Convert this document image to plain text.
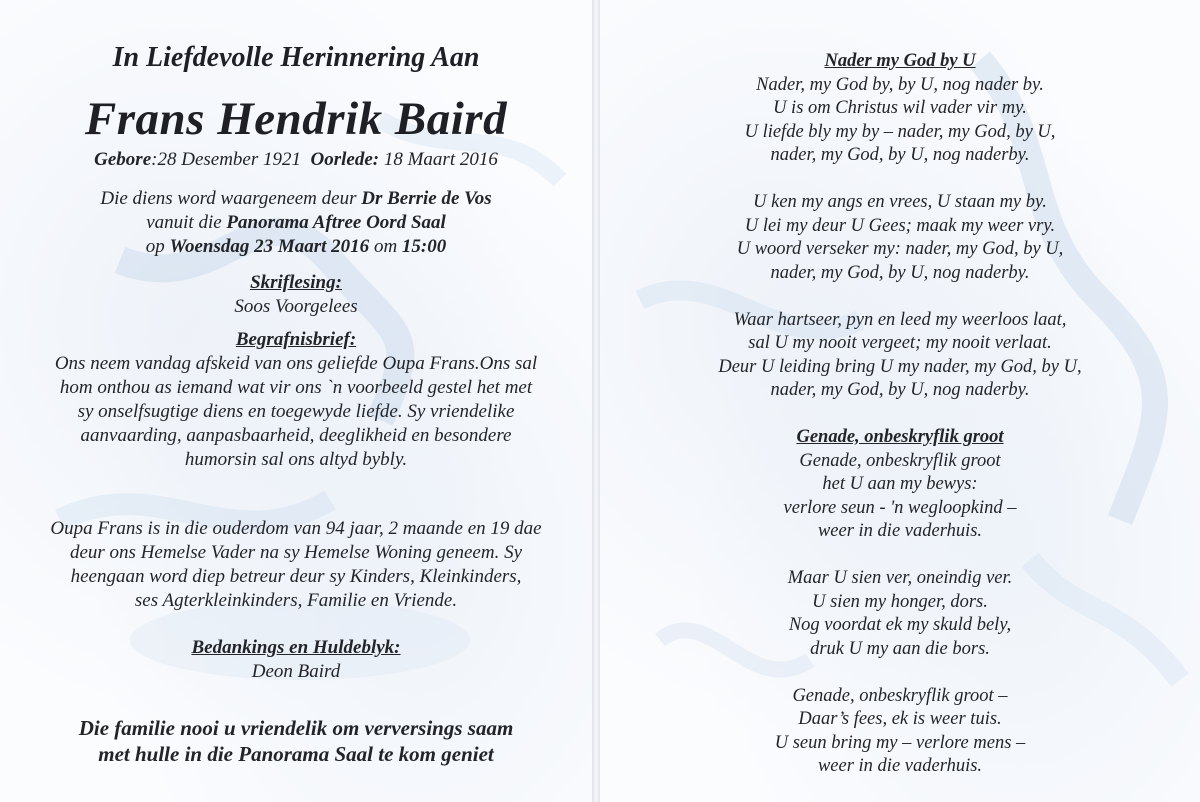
In Liefdevolle Herinnering Aan
Frans Hendrik Baird
Gebore:28 Desember 1921 Oorlede: 18 Maart 2016
Die diens word waargeneem deur Dr Berrie de Vos
vanuit die Panorama Aftree Oord Saal
op Woensdag 23 Maart 2016 om 15:00
Skriflesing:
Soos Voorgelees
Begrafnisbrief:
Ons neem vandag afskeid van ons geliefde Oupa Frans.Ons sal
hom onthou as iemand wat vir ons `n voorbeeld gestel het met
sy onselfsugtige diens en toegewyde liefde. Sy vriendelike
aanvaarding, aanpasbaarheid, deeglikheid en besondere
humorsin sal ons altyd bybly.
Oupa Frans is in die ouderdom van 94 jaar, 2 maande en 19 dae
deur ons Hemelse Vader na sy Hemelse Woning geneem. Sy
heengaan word diep betreur deur sy Kinders, Kleinkinders,
ses Agterkleinkinders, Familie en Vriende.
Bedankings en Huldeblyk:
Deon Baird
Die familie nooi u vriendelik om verversings saam
met hulle in die Panorama Saal te kom geniet
Nader my God by U
Nader, my God by, by U, nog nader by.
U is om Christus wil vader vir my.
U liefde bly my by – nader, my God, by U,
nader, my God, by U, nog naderby.
U ken my angs en vrees, U staan my by.
U lei my deur U Gees; maak my weer vry.
U woord verseker my: nader, my God, by U,
nader, my God, by U, nog naderby.
Waar hartseer, pyn en leed my weerloos laat,
sal U my nooit vergeet; my nooit verlaat.
Deur U leiding bring U my nader, my God, by U,
nader, my God, by U, nog naderby.
Genade, onbeskryflik groot
Genade, onbeskryflik groot
het U aan my bewys:
verlore seun - 'n wegloopkind –
weer in die vaderhuis.
Maar U sien ver, oneindig ver.
U sien my honger, dors.
Nog voordat ek my skuld bely,
druk U my aan die bors.
Genade, onbeskryflik groot –
Daar’s fees, ek is weer tuis.
U seun bring my – verlore mens –
weer in die vaderhuis.
